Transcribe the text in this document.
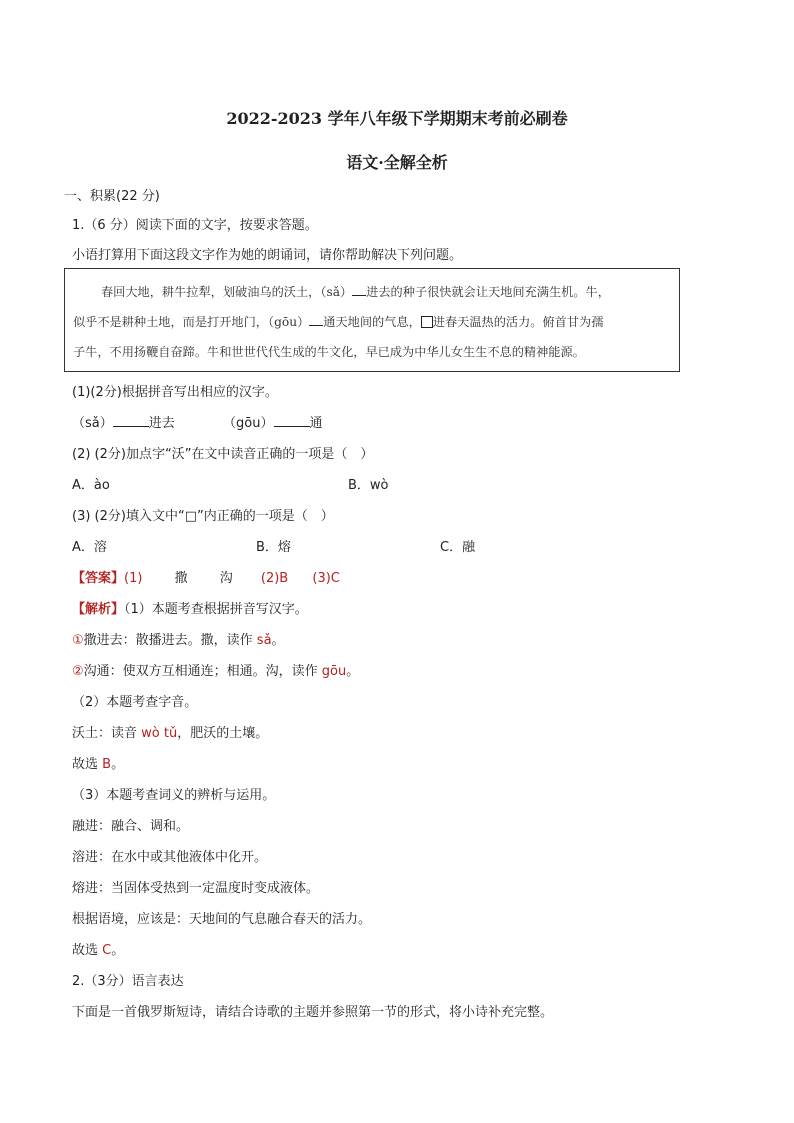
2022-2023 学年八年级下学期期末考前必刷卷
语文·全解全析
一、积累(22 分)
1.（6 分）阅读下面的文字，按要求答题。
小语打算用下面这段文字作为她的朗诵词，请你帮助解决下列问题。
春回大地，耕牛拉犁，划破油乌的沃土，（sǎ） 进去的种子很快就会让天地间充满生机。牛，
似乎不是耕种土地，而是打开地门，（gōu） 通天地间的气息， 进春天温热的活力。俯首甘为孺
子牛，不用扬鞭自奋蹄。牛和世世代代生成的牛文化，早已成为中华儿女生生不息的精神能源。
(1)(2分)根据拼音写出相应的汉字。
（sǎ）	进去	（gōu）	通
(2) (2分)加点字“沃”在文中读音正确的一项是（　）
A．ào	B．wò
(3) (2分)填入文中“□”内正确的一项是（　）
A．溶	B．熔	C．融
【答案】(1) 撒 沟 (2)B (3)C
【解析】（1）本题考查根据拼音写汉字。
①撒进去：散播进去。撒，读作 sǎ。
②沟通：使双方互相通连；相通。沟，读作 gōu。
（2）本题考查字音。
沃土：读音 wò tǔ，肥沃的土壤。
故选 B。
（3）本题考查词义的辨析与运用。
融进：融合、调和。
溶进：在水中或其他液体中化开。
熔进：当固体受热到一定温度时变成液体。
根据语境，应该是：天地间的气息融合春天的活力。
故选 C。
2.（3分）语言表达
下面是一首俄罗斯短诗，请结合诗歌的主题并参照第一节的形式，将小诗补充完整。
